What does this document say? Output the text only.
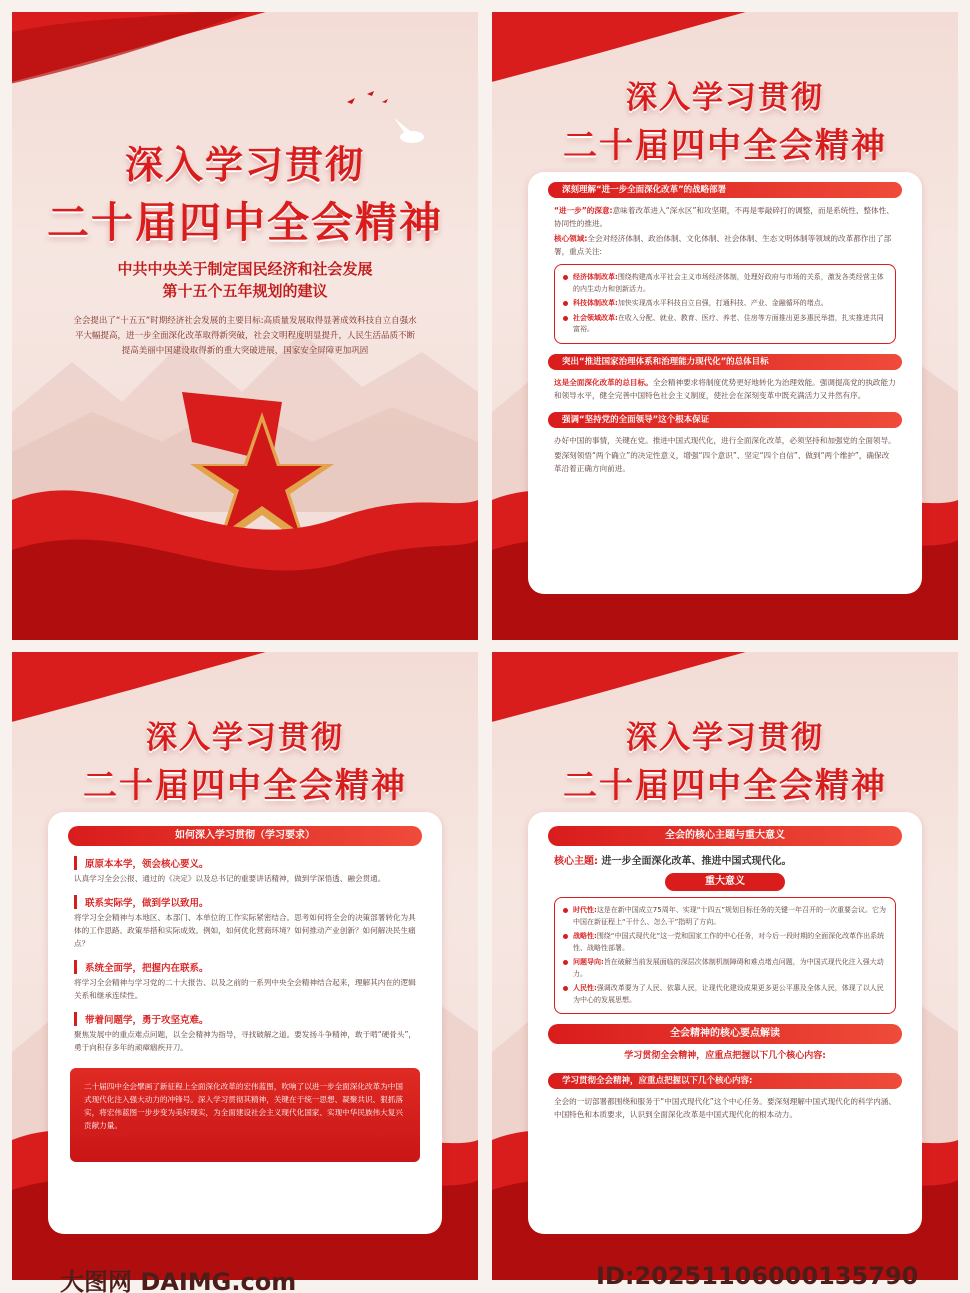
深入学习贯彻
二十届四中全会精神
中共中央关于制定国民经济和社会发展
第十五个五年规划的建议
全会提出了“十五五”时期经济社会发展的主要目标:高质量发展取得显著成效科技自立自强水平大幅提高，进一步全面深化改革取得新突破，社会文明程度明显提升，人民生活品质不断提高美丽中国建设取得新的重大突破进展，国家安全屏障更加巩固
深入学习贯彻
二十届四中全会精神
深刻理解“进一步全面深化改革”的战略部署
“进一步”的深意:意味着改革进入“深水区”和攻坚期，不再是零敲碎打的调整，而是系统性、整体性、协同性的推进。
核心领域:全会对经济体制、政治体制、文化体制、社会体制、生态文明体制等领域的改革都作出了部署，重点关注:
经济体制改革:围绕构建高水平社会主义市场经济体制，处理好政府与市场的关系，激发各类经营主体的内生动力和创新活力。
科技体制改革:加快实现高水平科技自立自强，打通科技、产业、金融循环的堵点。
社会领域改革:在收入分配、就业、教育、医疗、养老、住房等方面推出更多惠民举措，扎实推进共同富裕。
突出“推进国家治理体系和治理能力现代化”的总体目标
这是全面深化改革的总目标。全会精神要求将制度优势更好地转化为治理效能。强调提高党的执政能力和领导水平，健全完善中国特色社会主义制度，使社会在深刻变革中既充满活力又井然有序。
强调“坚持党的全面领导”这个根本保证
办好中国的事情，关键在党。推进中国式现代化，进行全面深化改革，必须坚持和加强党的全面领导。
要深刻领悟“两个确立”的决定性意义，增强“四个意识”、坚定“四个自信”、做到“两个维护”，确保改革沿着正确方向前进。
深入学习贯彻
二十届四中全会精神
如何深入学习贯彻（学习要求）
原原本本学，领会核心要义。
认真学习全会公报、通过的《决定》以及总书记的重要讲话精神，做到学深悟透、融会贯通。
联系实际学，做到学以致用。
将学习全会精神与本地区、本部门、本单位的工作实际紧密结合。思考如何将全会的决策部署转化为具体的工作思路、政策举措和实际成效。例如，如何优化营商环境？如何推动产业创新？如何解决民生痛点？
系统全面学，把握内在联系。
将学习全会精神与学习党的二十大报告、以及之前的一系列中央全会精神结合起来，理解其内在的逻辑关系和继承连续性。
带着问题学，勇于攻坚克难。
聚焦发展中的重点难点问题，以全会精神为指导，寻找破解之道。要发扬斗争精神，敢于啃“硬骨头”，勇于向积存多年的顽瘴痼疾开刀。
二十届四中全会擘画了新征程上全面深化改革的宏伟蓝图，吹响了以进一步全面深化改革为中国式现代化注入强大动力的冲锋号。深入学习贯彻其精神，关键在于统一思想、凝聚共识、狠抓落实，将宏伟蓝图一步步变为美好现实，为全面建设社会主义现代化国家、实现中华民族伟大复兴贡献力量。
深入学习贯彻
二十届四中全会精神
全会的核心主题与重大意义
核心主题: 进一步全面深化改革、推进中国式现代化。
重大意义
时代性:这是在新中国成立75周年、实现“十四五”规划目标任务的关键一年召开的一次重要会议。它为中国在新征程上“干什么、怎么干”指明了方向。
战略性:围绕“中国式现代化”这一党和国家工作的中心任务，对今后一段时期的全面深化改革作出系统性、战略性部署。
问题导向:旨在破解当前发展面临的深层次体制机制障碍和难点堵点问题，为中国式现代化注入强大动力。
人民性:强调改革要为了人民、依靠人民，让现代化建设成果更多更公平惠及全体人民，体现了以人民为中心的发展思想。
全会精神的核心要点解读
学习贯彻全会精神，应重点把握以下几个核心内容:
学习贯彻全会精神，应重点把握以下几个核心内容:
全会的一切部署都围绕和服务于“中国式现代化”这个中心任务。要深刻理解中国式现代化的科学内涵、中国特色和本质要求，认识到全面深化改革是中国式现代化的根本动力。
大图网 DAIMG.com	ID:20251106000135790
